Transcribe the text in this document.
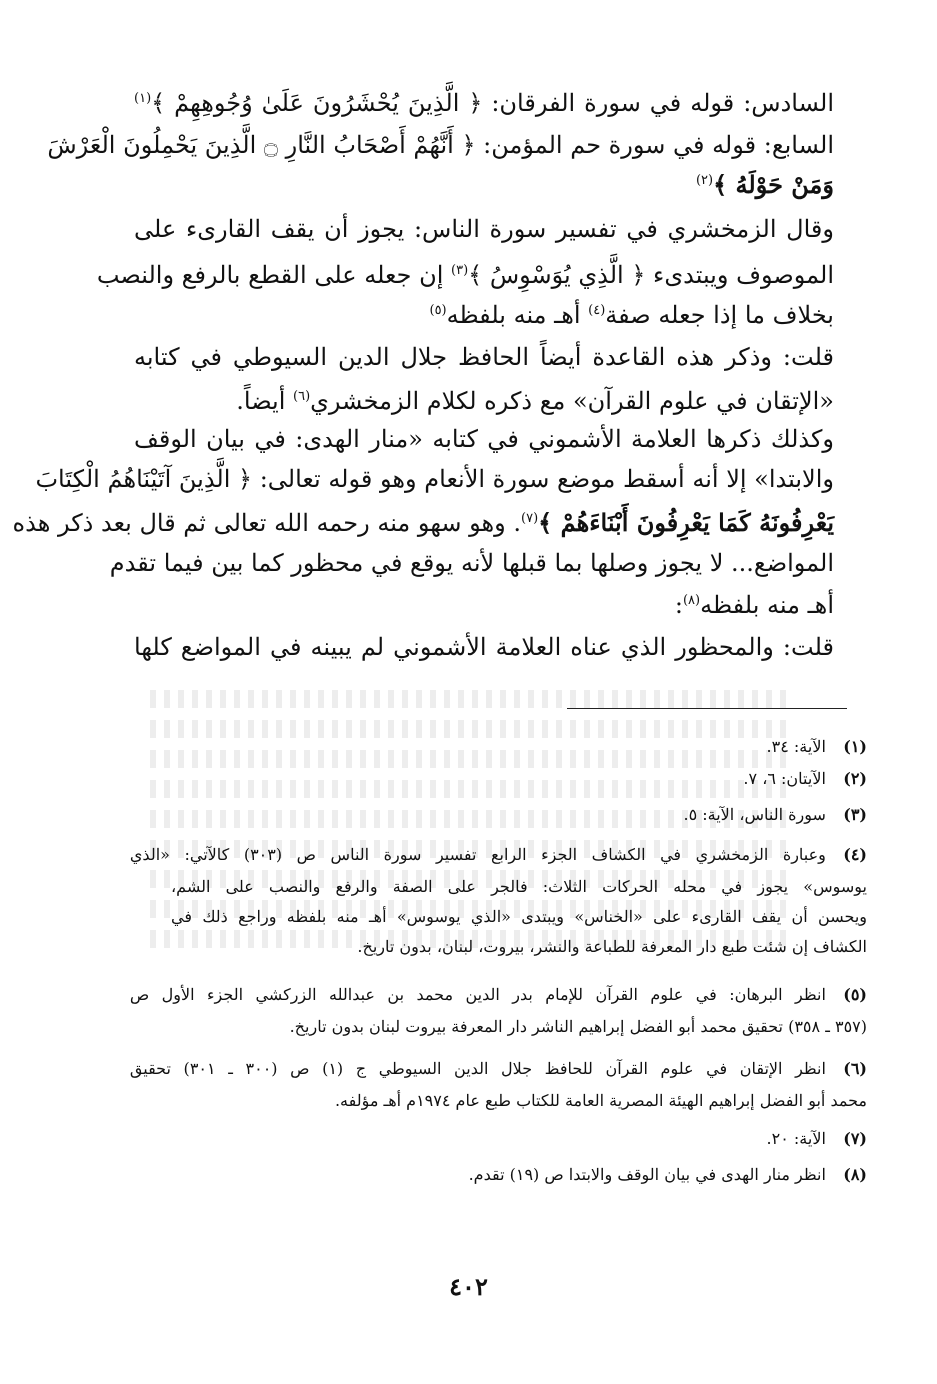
السادس: قوله في سورة الفرقان: ﴿ الَّذِينَ يُحْشَرُونَ عَلَىٰ وُجُوهِهِمْ ﴾$^{(١)}$
السابع: قوله في سورة حم المؤمن: ﴿ أَنَّهُمْ أَصْحَابُ النَّارِ ۝ الَّذِينَ يَحْمِلُونَ الْعَرْشَ
وَمَنْ حَوْلَهُ ﴾$^{(٢)}$
وقال الزمخشري في تفسير سورة الناس: يجوز أن يقف القارىء على
الموصوف ويبتدىء ﴿ الَّذِي يُوَسْوِسُ ﴾$^{(٣)}$ إن جعله على القطع بالرفع والنصب
بخلاف ما إذا جعله صفة$^{(٤)}$ أهـ منه بلفظه$^{(٥)}$
قلت: وذكر هذه القاعدة أيضاً الحافظ جلال الدين السيوطي في كتابه
«الإتقان في علوم القرآن» مع ذكره لكلام الزمخشري$^{(٦)}$ أيضاً.
وكذلك ذكرها العلامة الأشموني في كتابه «منار الهدى: في بيان الوقف
والابتدا» إلا أنه أسقط موضع سورة الأنعام وهو قوله تعالى: ﴿ الَّذِينَ آتَيْنَاهُمُ الْكِتَابَ
يَعْرِفُونَهُ كَمَا يَعْرِفُونَ أَبْنَاءَهُمْ ﴾$^{(٧)}$. وهو سهو منه رحمه الله تعالى ثم قال بعد ذكر هذه
المواضع... لا يجوز وصلها بما قبلها لأنه يوقع في محظور كما بين فيما تقدم
أهـ منه بلفظه$^{(٨)}$:
قلت: والمحظور الذي عناه العلامة الأشموني لم يبينه في المواضع كلها
(١) الآية: ٣٤.
(٢) الآيتان: ٦، ٧.
(٣) سورة الناس، الآية: ٥.
(٤) وعبارة الزمخشري في الكشاف الجزء الرابع تفسير سورة الناس ص (٣٠٣) كالآتي: «الذي
يوسوس» يجوز في محله الحركات الثلاث: فالجر على الصفة والرفع والنصب على الشم،
ويحسن أن يقف القارىء على «الخناس» ويبتدى «الذي يوسوس» أهـ منه بلفظه وراجع ذلك في
الكشاف إن شئت طبع دار المعرفة للطباعة والنشر، بيروت، لبنان، بدون تاريخ.
(٥) انظر البرهان: في علوم القرآن للإمام بدر الدين محمد بن عبدالله الزركشي الجزء الأول ص
(٣٥٧ ـ ٣٥٨) تحقيق محمد أبو الفضل إبراهيم الناشر دار المعرفة بيروت لبنان بدون تاريخ.
(٦) انظر الإتقان في علوم القرآن للحافظ جلال الدين السيوطي ج (١) ص (٣٠٠ ـ ٣٠١) تحقيق
محمد أبو الفضل إبراهيم الهيئة المصرية العامة للكتاب طبع عام ١٩٧٤م أهـ مؤلفه.
(٧) الآية: ٢٠.
(٨) انظر منار الهدى في بيان الوقف والابتدا ص (١٩) تقدم.
٤٠٢
